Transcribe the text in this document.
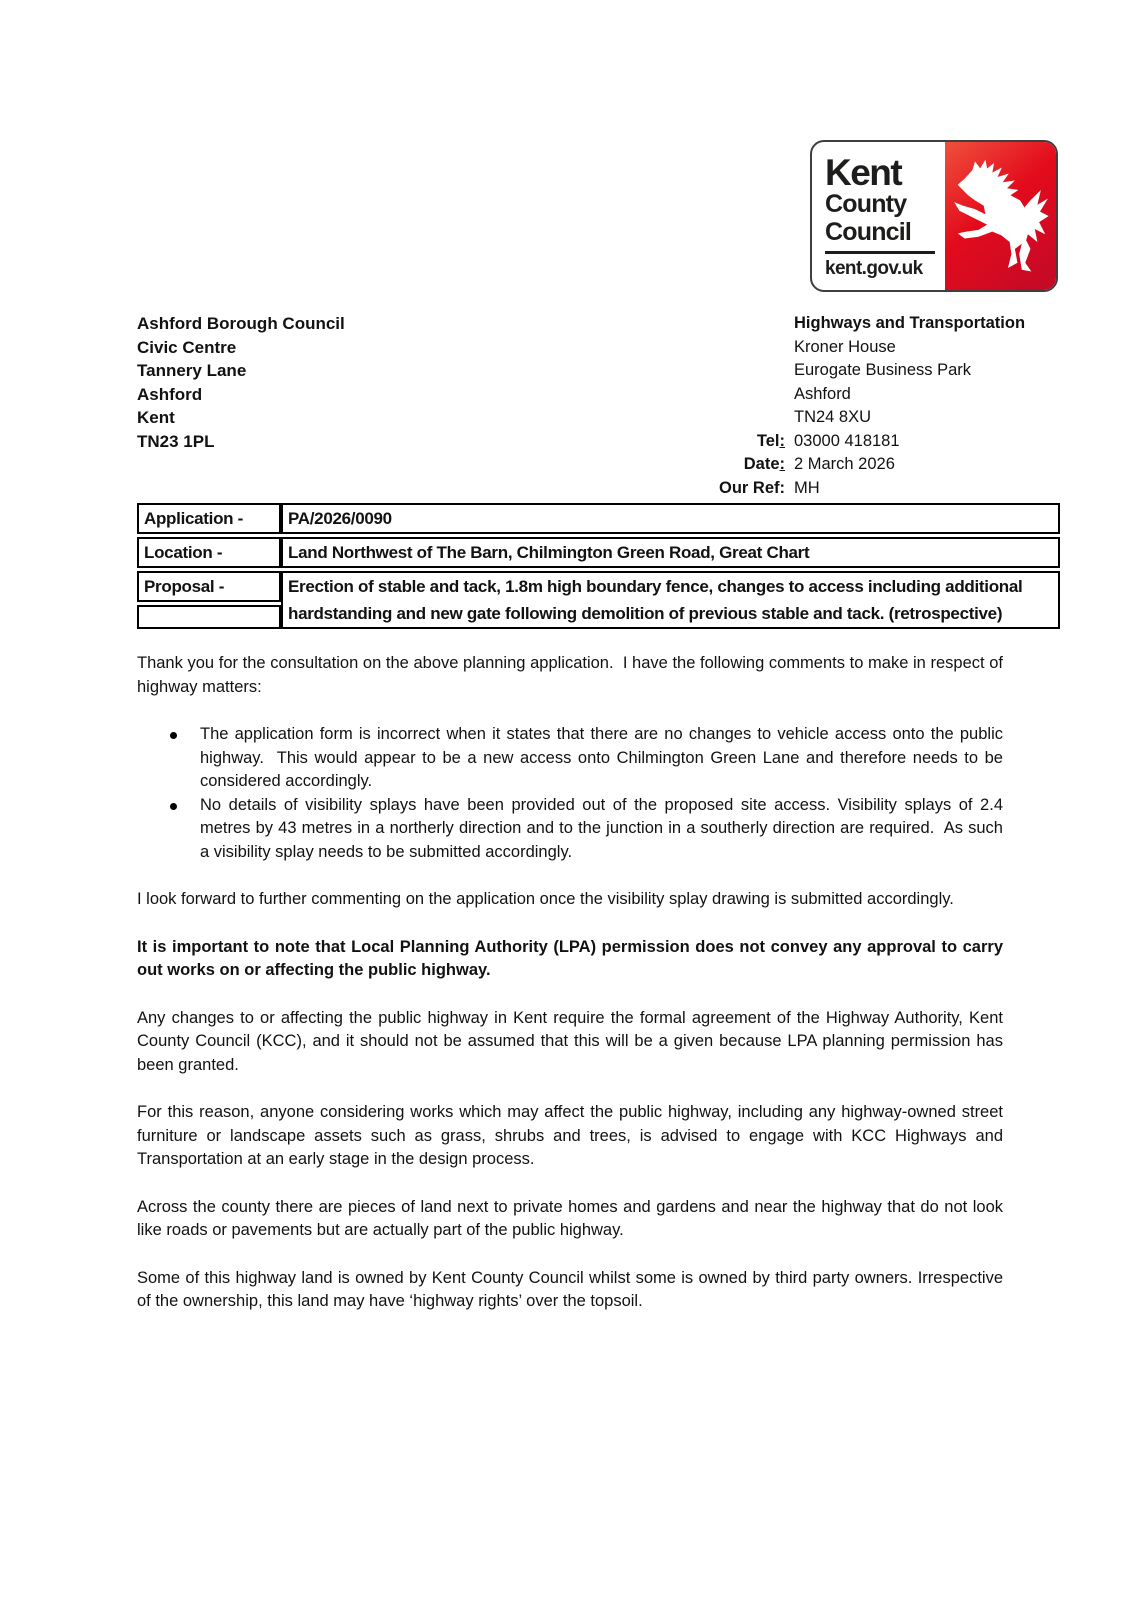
Kent
County
Council
kent.gov.uk
Ashford Borough Council
Civic Centre
Tannery Lane
Ashford
Kent
TN23 1PL
Highways and Transportation
Kroner House
Eurogate Business Park
Ashford
TN24 8XU
Tel: 03000 418181
Date: 2 March 2026
Our Ref: MH
Application -	PA/2026/0090
Location -	Land Northwest of The Barn, Chilmington Green Road, Great Chart
Proposal -	Erection of stable and tack, 1.8m high boundary fence, changes to access including additional hardstanding and new gate following demolition of previous stable and tack. (retrospective)

Thank you for the consultation on the above planning application.  I have the following comments to make in respect of highway matters:

The application form is incorrect when it states that there are no changes to vehicle access onto the public highway.  This would appear to be a new access onto Chilmington Green Lane and therefore needs to be considered accordingly.
No details of visibility splays have been provided out of the proposed site access. Visibility splays of 2.4 metres by 43 metres in a northerly direction and to the junction in a southerly direction are required.  As such a visibility splay needs to be submitted accordingly.

I look forward to further commenting on the application once the visibility splay drawing is submitted accordingly.

It is important to note that Local Planning Authority (LPA) permission does not convey any approval to carry out works on or affecting the public highway.

Any changes to or affecting the public highway in Kent require the formal agreement of the Highway Authority, Kent County Council (KCC), and it should not be assumed that this will be a given because LPA planning permission has been granted.

For this reason, anyone considering works which may affect the public highway, including any highway-owned street furniture or landscape assets such as grass, shrubs and trees, is advised to engage with KCC Highways and Transportation at an early stage in the design process.

Across the county there are pieces of land next to private homes and gardens and near the highway that do not look like roads or pavements but are actually part of the public highway.

Some of this highway land is owned by Kent County Council whilst some is owned by third party owners. Irrespective of the ownership, this land may have ‘highway rights’ over the topsoil.
